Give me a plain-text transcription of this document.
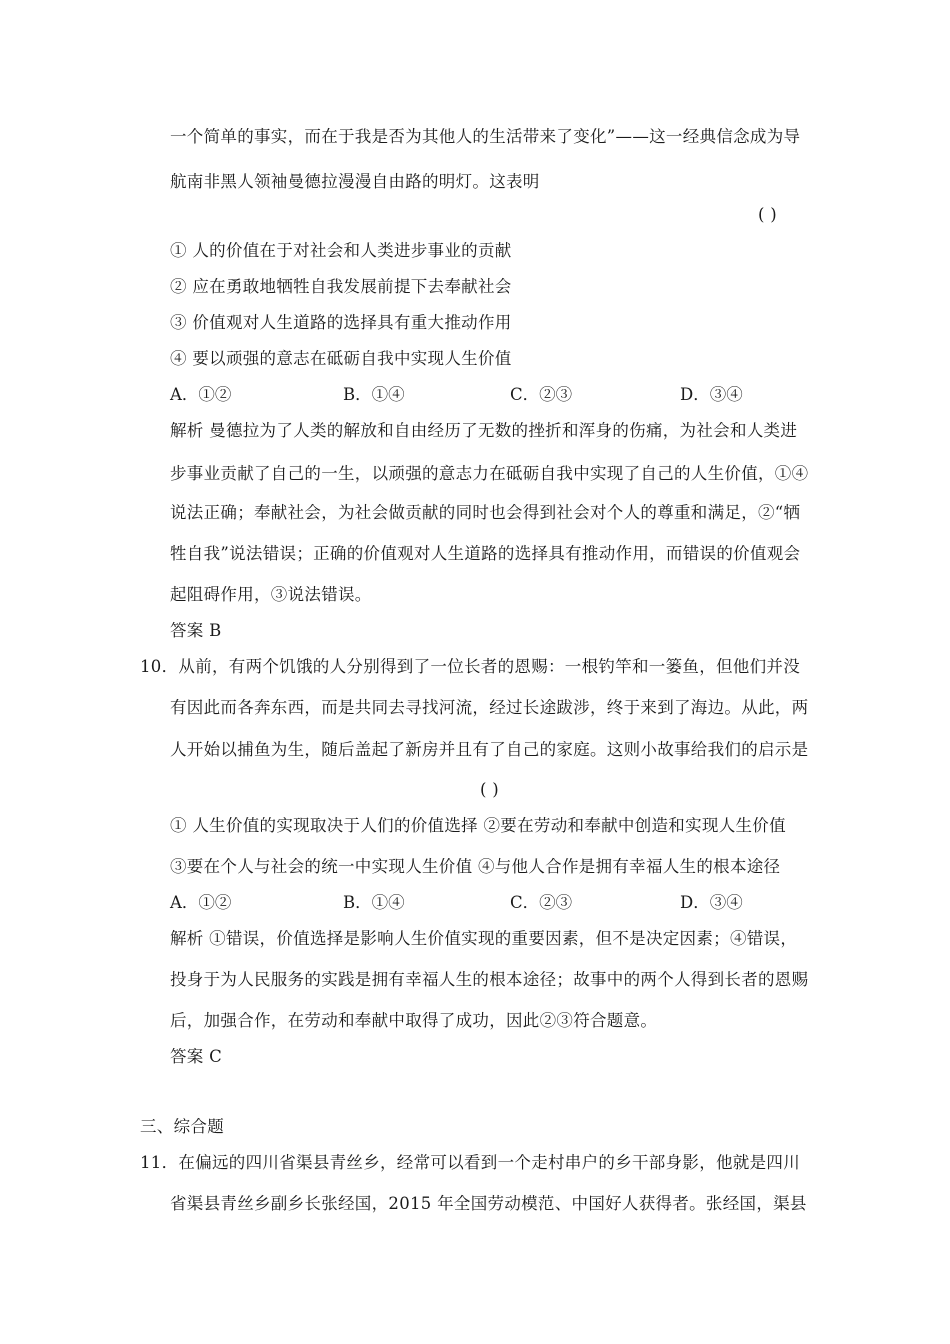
一个简单的事实，而在于我是否为其他人的生活带来了变化”——这一经典信念成为导
航南非黑人领袖曼德拉漫漫自由路的明灯。这表明
( )
① 人的价值在于对社会和人类进步事业的贡献
② 应在勇敢地牺牲自我发展前提下去奉献社会
③ 价值观对人生道路的选择具有重大推动作用
④ 要以顽强的意志在砥砺自我中实现人生价值
A．①②	B．①④	C．②③	D．③④
解析 曼德拉为了人类的解放和自由经历了无数的挫折和浑身的伤痛，为社会和人类进
步事业贡献了自己的一生，以顽强的意志力在砥砺自我中实现了自己的人生价值，①④
说法正确；奉献社会，为社会做贡献的同时也会得到社会对个人的尊重和满足，②“牺
牲自我”说法错误；正确的价值观对人生道路的选择具有推动作用，而错误的价值观会
起阻碍作用，③说法错误。
答案 B
10．从前，有两个饥饿的人分别得到了一位长者的恩赐：一根钓竿和一篓鱼，但他们并没
有因此而各奔东西，而是共同去寻找河流，经过长途跋涉，终于来到了海边。从此，两
人开始以捕鱼为生，随后盖起了新房并且有了自己的家庭。这则小故事给我们的启示是
( )
① 人生价值的实现取决于人们的价值选择 ②要在劳动和奉献中创造和实现人生价值
③要在个人与社会的统一中实现人生价值 ④与他人合作是拥有幸福人生的根本途径
A．①②	B．①④	C．②③	D．③④
解析 ①错误，价值选择是影响人生价值实现的重要因素，但不是决定因素；④错误，
投身于为人民服务的实践是拥有幸福人生的根本途径；故事中的两个人得到长者的恩赐
后，加强合作，在劳动和奉献中取得了成功，因此②③符合题意。
答案 C
三、综合题
11．在偏远的四川省渠县青丝乡，经常可以看到一个走村串户的乡干部身影，他就是四川
省渠县青丝乡副乡长张经国，2015 年全国劳动模范、中国好人获得者。张经国，渠县
